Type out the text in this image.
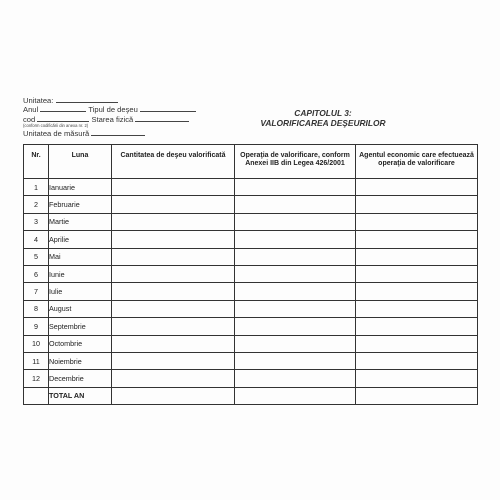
Unitatea:
Anul	Tipul de deşeu
cod	Starea fizică
(conform codificării din anexa nr. 2)
Unitatea de măsură
CAPITOLUL 3:
VALORIFICAREA DEŞEURILOR
Nr.	Luna	Cantitatea de deşeu valorificată	Operaţia de valorificare, conform Anexei IIB din Legea 426/2001	Agentul economic care efectuează operaţia de valorificare
1	Ianuarie			
2	Februarie			
3	Martie			
4	Aprilie			
5	Mai			
6	Iunie			
7	Iulie			
8	August			
9	Septembrie			
10	Octombrie			
11	Noiembrie			
12	Decembrie			
	TOTAL AN			
